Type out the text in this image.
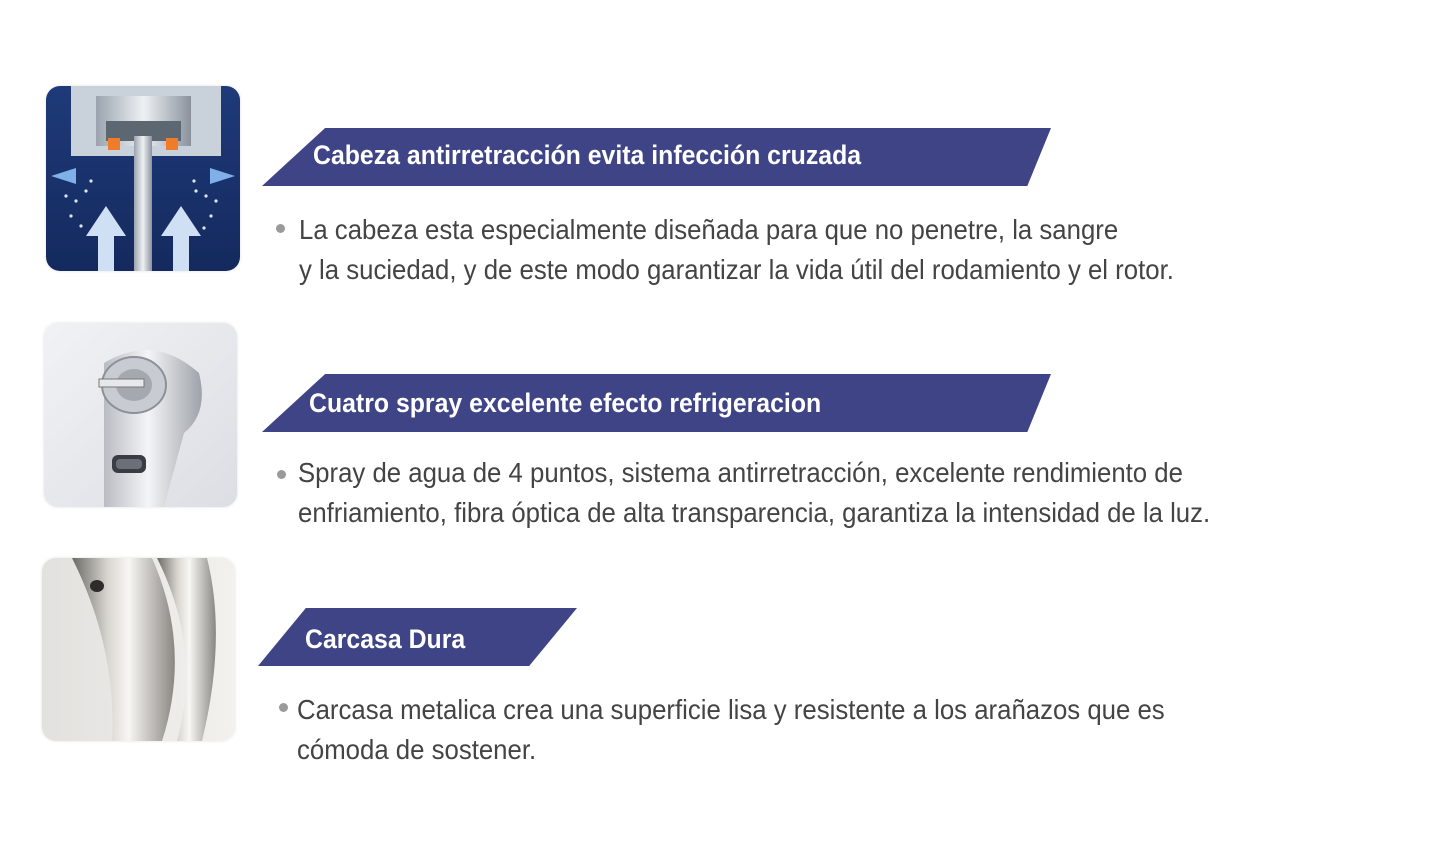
Cabeza antirretracción evita infección cruzada
La cabeza esta especialmente diseñada para que no penetre, la sangre
y la suciedad, y de este modo garantizar la vida útil del rodamiento y el rotor.
Cuatro spray excelente efecto refrigeracion
Spray de agua de 4 puntos, sistema antirretracción, excelente rendimiento de
enfriamiento, fibra óptica de alta transparencia, garantiza la intensidad de la luz.
Carcasa Dura
Carcasa metalica crea una superficie lisa y resistente a los arañazos que es
cómoda de sostener.
